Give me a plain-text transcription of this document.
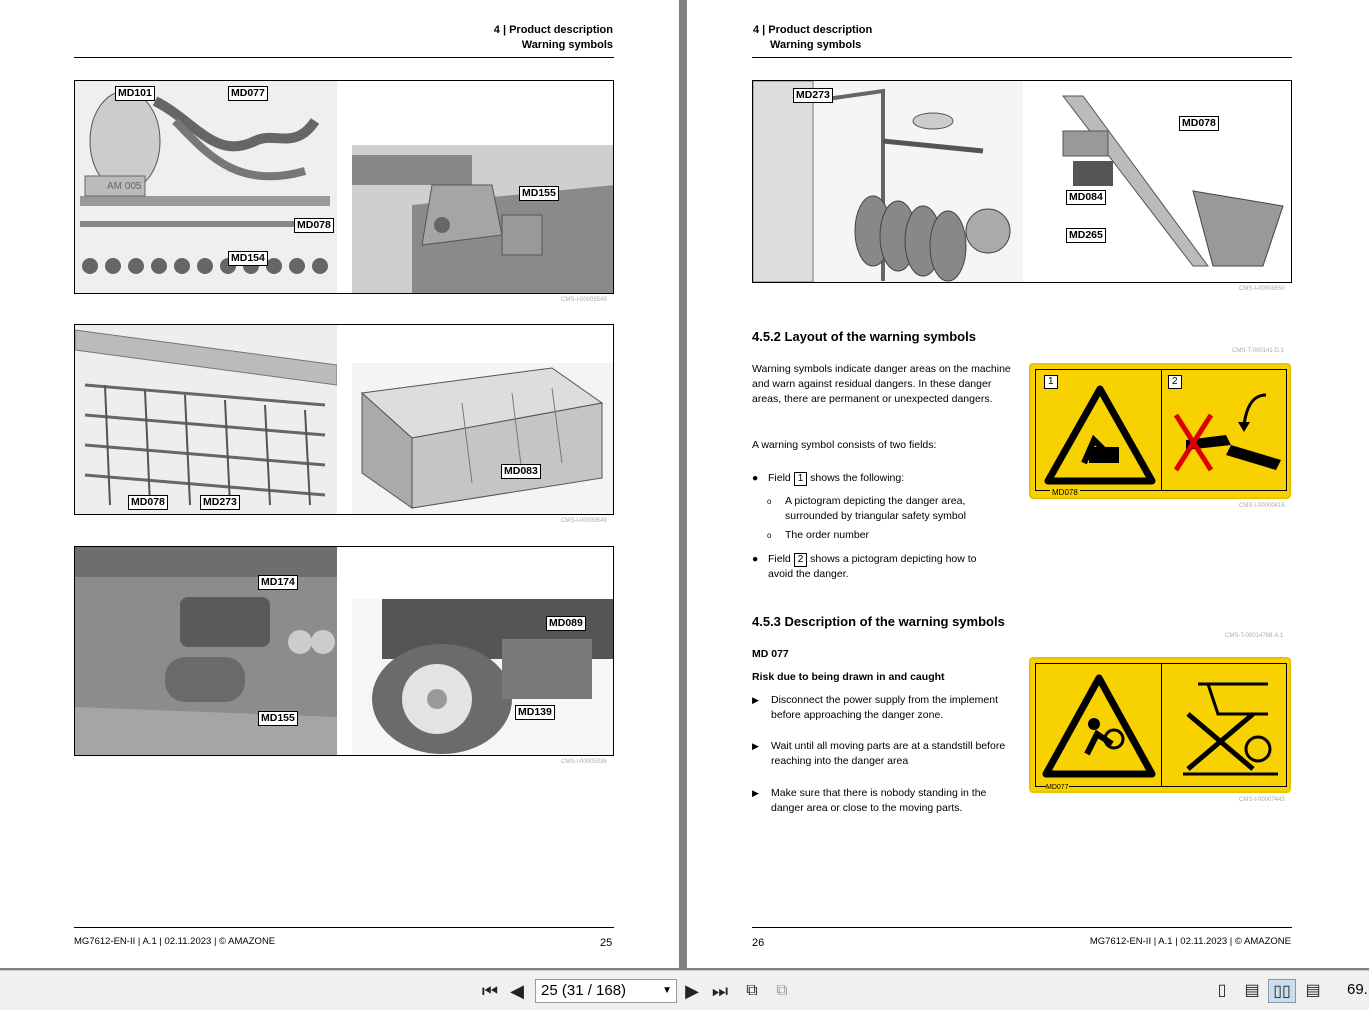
4 | Product description
Warning symbols
AM 005
MD101	MD077
MD078
MD154
MD155
CMS-I-00009549
MD078	MD273
MD083
CMS-I-00009549
MD174
MD155
MD089
MD139
CMS-I-00005338
MG7612-EN-II | A.1 | 02.11.2023 | © AMAZONE	25
4 | Product description
Warning symbols
MD273
MD078
MD084
MD265
CMS-I-00008550
4.5.2 Layout of the warning symbols
CMS-T-000141-D.1
Warning symbols indicate danger areas on the machine and warn against residual dangers. In these danger areas, there are permanent or unexpected dangers.
A warning symbol consists of two fields:
● Field 1 shows the following:
o	A pictogram depicting the danger area, surrounded by triangular safety symbol
o	The order number
● Field 2 shows a pictogram depicting how to avoid the danger.
1	2
MD078
CMS-I-00000416
4.5.3 Description of the warning symbols
CMS-T-00014768-A.1
MD 077
Risk due to being drawn in and caught
▶	Disconnect the power supply from the implement before approaching the danger zone.
▶	Wait until all moving parts are at a standstill before reaching into the danger area
▶	Make sure that there is nobody standing in the danger area or close to the moving parts.
MD077
CMS-I-00007443
26	MG7612-EN-II | A.1 | 02.11.2023 | © AMAZONE
⏮ ◀	25 (31 / 168)	▼ ▶ ⏭	⧉	⧉	▯	▤ ▯▯ ▤	69.
